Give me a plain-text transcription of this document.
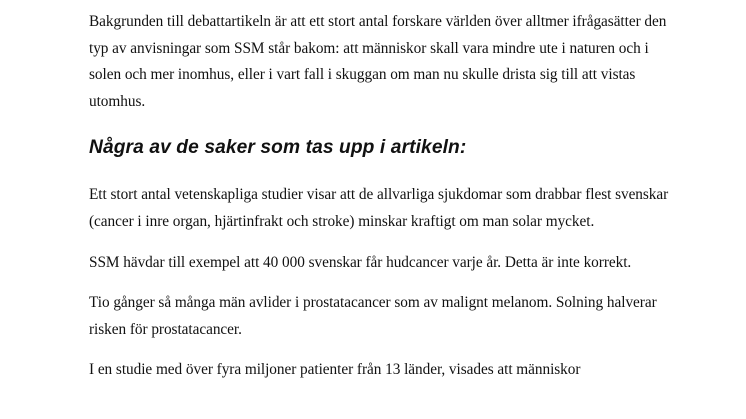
Bakgrunden till debattartikeln är att ett stort antal forskare världen över alltmer ifrågasätter den typ av anvisningar som SSM står bakom: att människor skall vara mindre ute i naturen och i solen och mer inomhus, eller i vart fall i skuggan om man nu skulle drista sig till att vistas utomhus.

Några av de saker som tas upp i artikeln:

Ett stort antal vetenskapliga studier visar att de allvarliga sjukdomar som drabbar flest svenskar (cancer i inre organ, hjärtinfrakt och stroke) minskar kraftigt om man solar mycket.

SSM hävdar till exempel att 40 000 svenskar får hudcancer varje år. Detta är inte korrekt.

Tio gånger så många män avlider i prostatacancer som av malignt melanom. Solning halverar risken för prostatacancer.

I en studie med över fyra miljoner patienter från 13 länder, visades att människor
